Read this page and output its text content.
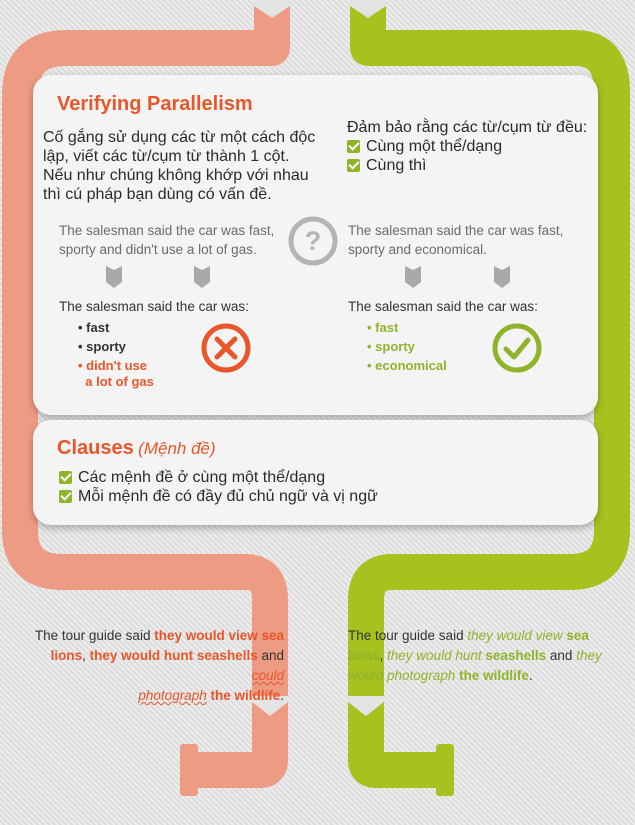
Verifying Parallelism
Cố gắng sử dụng các từ một cách độc
lập, viết các từ/cụm từ thành 1 cột.
Nếu như chúng không khớp với nhau
thì cú pháp bạn dùng có vấn đề.
Đảm bảo rằng các từ/cụm từ đều:
Cùng một thể/dạng
Cùng thì
The salesman said the car was fast,
sporty and didn't use a lot of gas.
The salesman said the car was fast,
sporty and economical.
?
The salesman said the car was:	The salesman said the car was:
• fast
• sporty
• didn't use
a lot of gas
• fast
• sporty
• economical
Clauses (Mệnh đề)
Các mệnh đề ở cùng một thể/dạng
Mỗi mệnh đề có đầy đủ chủ ngữ và vị ngữ
The tour guide said they would view sea
lions, they would hunt seashells and could
photograph the wildlife.
The tour guide said they would view sea
lions, they would hunt seashells and they
would photograph the wildlife.
